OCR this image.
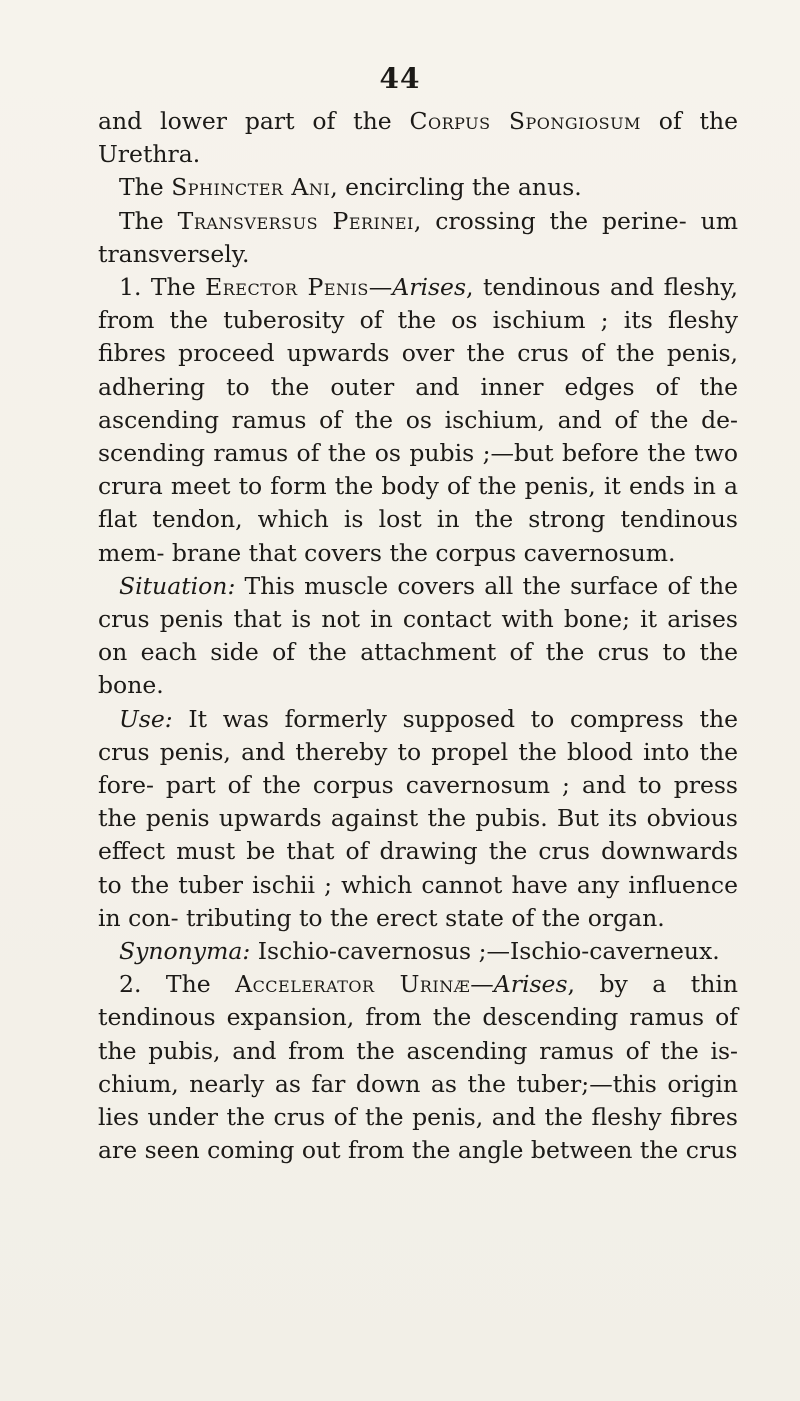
44

and lower part of the Corpus Spongiosum of the Urethra.

The Sphincter Ani, encircling the anus.

The Transversus Perinei, crossing the perine- um transversely.

1. The Erector Penis—Arises, tendinous and fleshy, from the tuberosity of the os ischium ; its fleshy fibres proceed upwards over the crus of the penis, adhering to the outer and inner edges of the ascending ramus of the os ischium, and of the de- scending ramus of the os pubis ;—but before the two crura meet to form the body of the penis, it ends in a flat tendon, which is lost in the strong tendinous mem- brane that covers the corpus cavernosum.

Situation: This muscle covers all the surface of the crus penis that is not in contact with bone; it arises on each side of the attachment of the crus to the bone.

Use: It was formerly supposed to compress the crus penis, and thereby to propel the blood into the fore- part of the corpus cavernosum ; and to press the penis upwards against the pubis. But its obvious effect must be that of drawing the crus downwards to the tuber ischii ; which cannot have any influence in con- tributing to the erect state of the organ.

Synonyma: Ischio-cavernosus ;—Ischio-caverneux.

2. The Accelerator Urinæ—Arises, by a thin tendinous expansion, from the descending ramus of the pubis, and from the ascending ramus of the is- chium, nearly as far down as the tuber;—this origin lies under the crus of the penis, and the fleshy fibres are seen coming out from the angle between the crus
